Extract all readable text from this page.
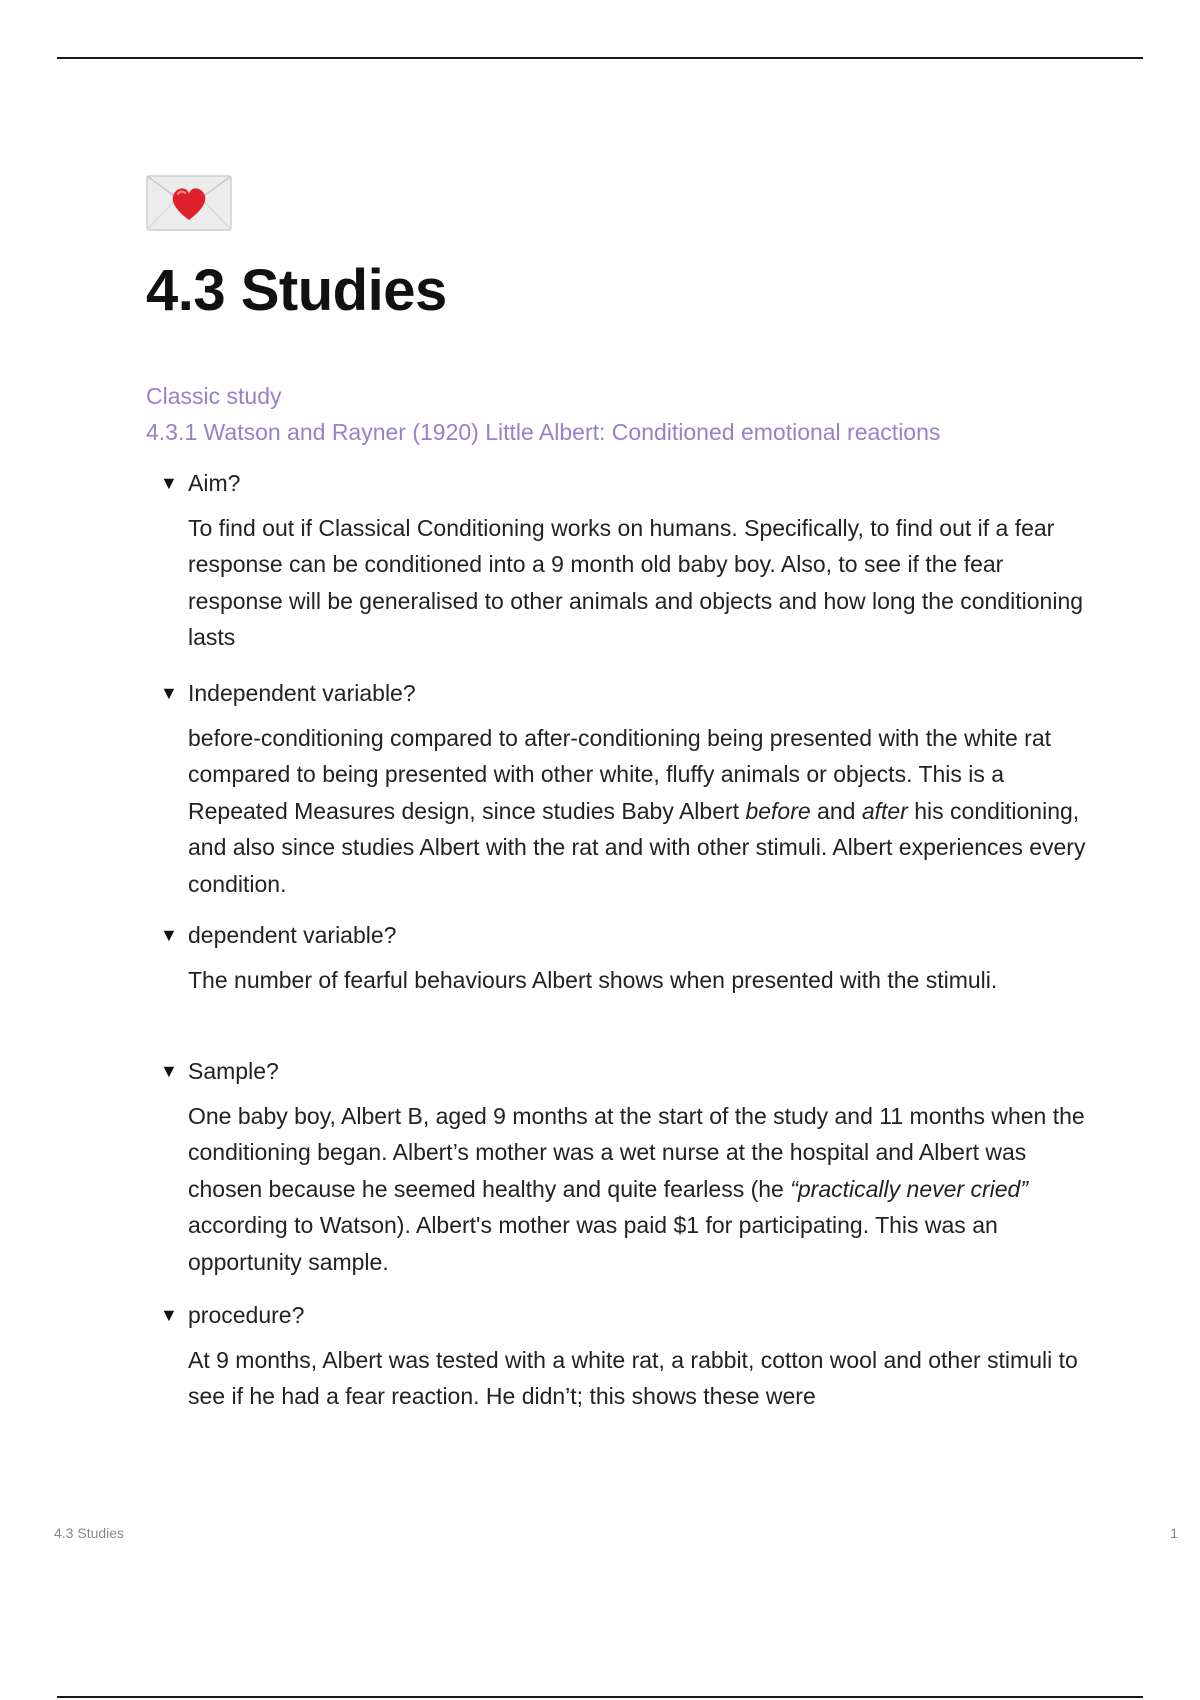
4.3 Studies
Classic study
4.3.1 Watson and Rayner (1920) Little Albert: Conditioned emotional reactions
▼ Aim?
To find out if Classical Conditioning works on humans. Specifically, to find out if a fear response can be conditioned into a 9 month old baby boy. Also, to see if the fear response will be generalised to other animals and objects and how long the conditioning lasts
▼ Independent variable?
before-conditioning compared to after-conditioning being presented with the white rat compared to being presented with other white, fluffy animals or objects. This is a Repeated Measures design, since studies Baby Albert before and after his conditioning, and also since studies Albert with the rat and with other stimuli. Albert experiences every condition.
▼ dependent variable?
The number of fearful behaviours Albert shows when presented with the stimuli.
▼ Sample?
One baby boy, Albert B, aged 9 months at the start of the study and 11 months when the conditioning began. Albert’s mother was a wet nurse at the hospital and Albert was chosen because he seemed healthy and quite fearless (he “practically never cried” according to Watson). Albert's mother was paid $1 for participating. This was an opportunity sample.
▼ procedure?
At 9 months, Albert was tested with a white rat, a rabbit, cotton wool and other stimuli to see if he had a fear reaction. He didn’t; this shows these were
4.3 Studies	1
